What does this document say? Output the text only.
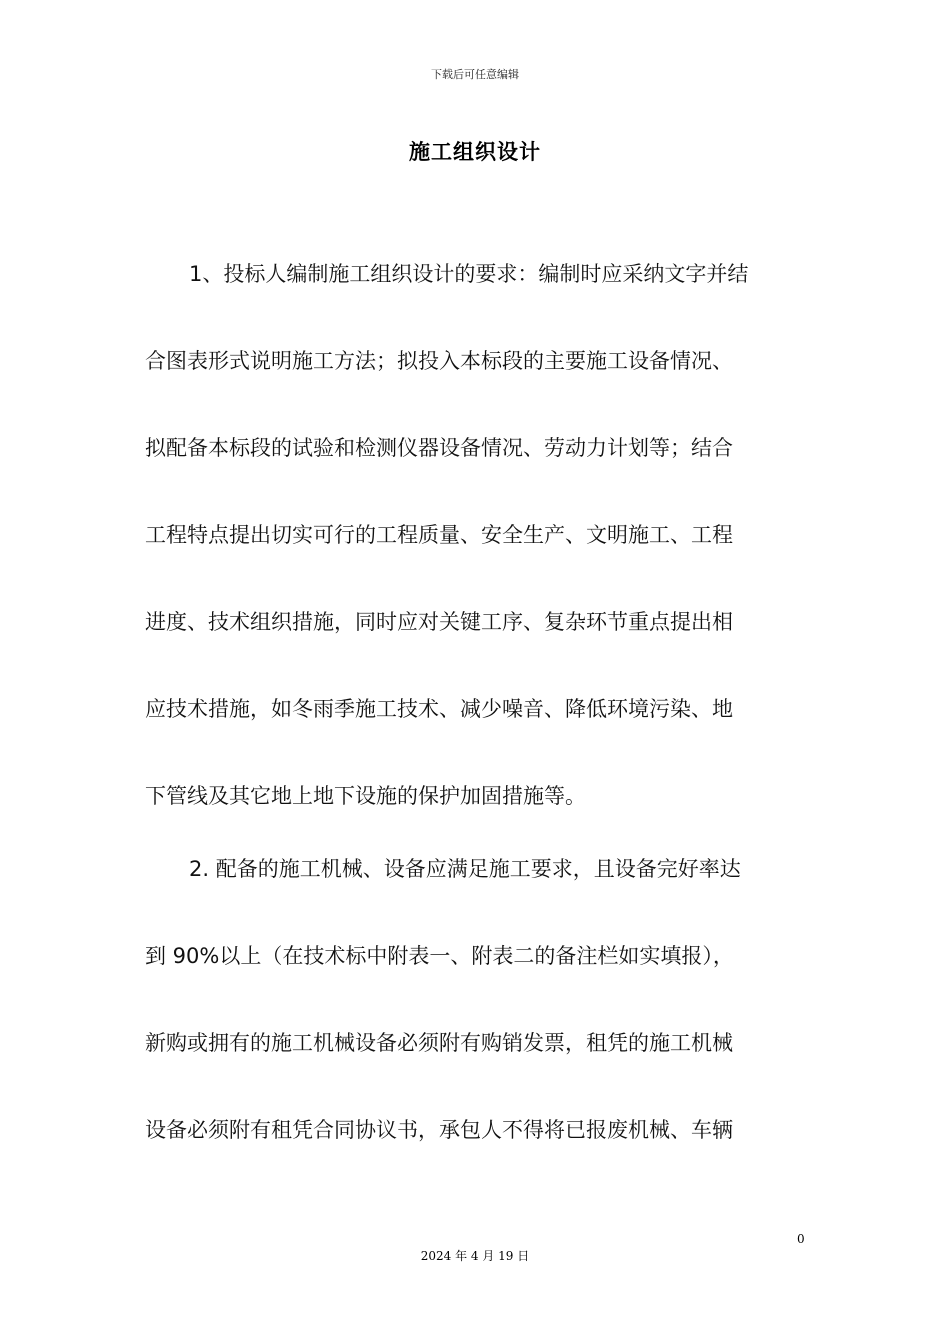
下载后可任意编辑
施工组织设计
1、投标人编制施工组织设计的要求：编制时应采纳文字并结
合图表形式说明施工方法；拟投入本标段的主要施工设备情况、
拟配备本标段的试验和检测仪器设备情况、劳动力计划等；结合
工程特点提出切实可行的工程质量、安全生产、文明施工、工程
进度、技术组织措施，同时应对关键工序、复杂环节重点提出相
应技术措施，如冬雨季施工技术、减少噪音、降低环境污染、地
下管线及其它地上地下设施的保护加固措施等。
2. 配备的施工机械、设备应满足施工要求，且设备完好率达
到 90%以上（在技术标中附表一、附表二的备注栏如实填报），
新购或拥有的施工机械设备必须附有购销发票，租凭的施工机械
设备必须附有租凭合同协议书，承包人不得将已报废机械、车辆
0
2024 年 4 月 19 日
